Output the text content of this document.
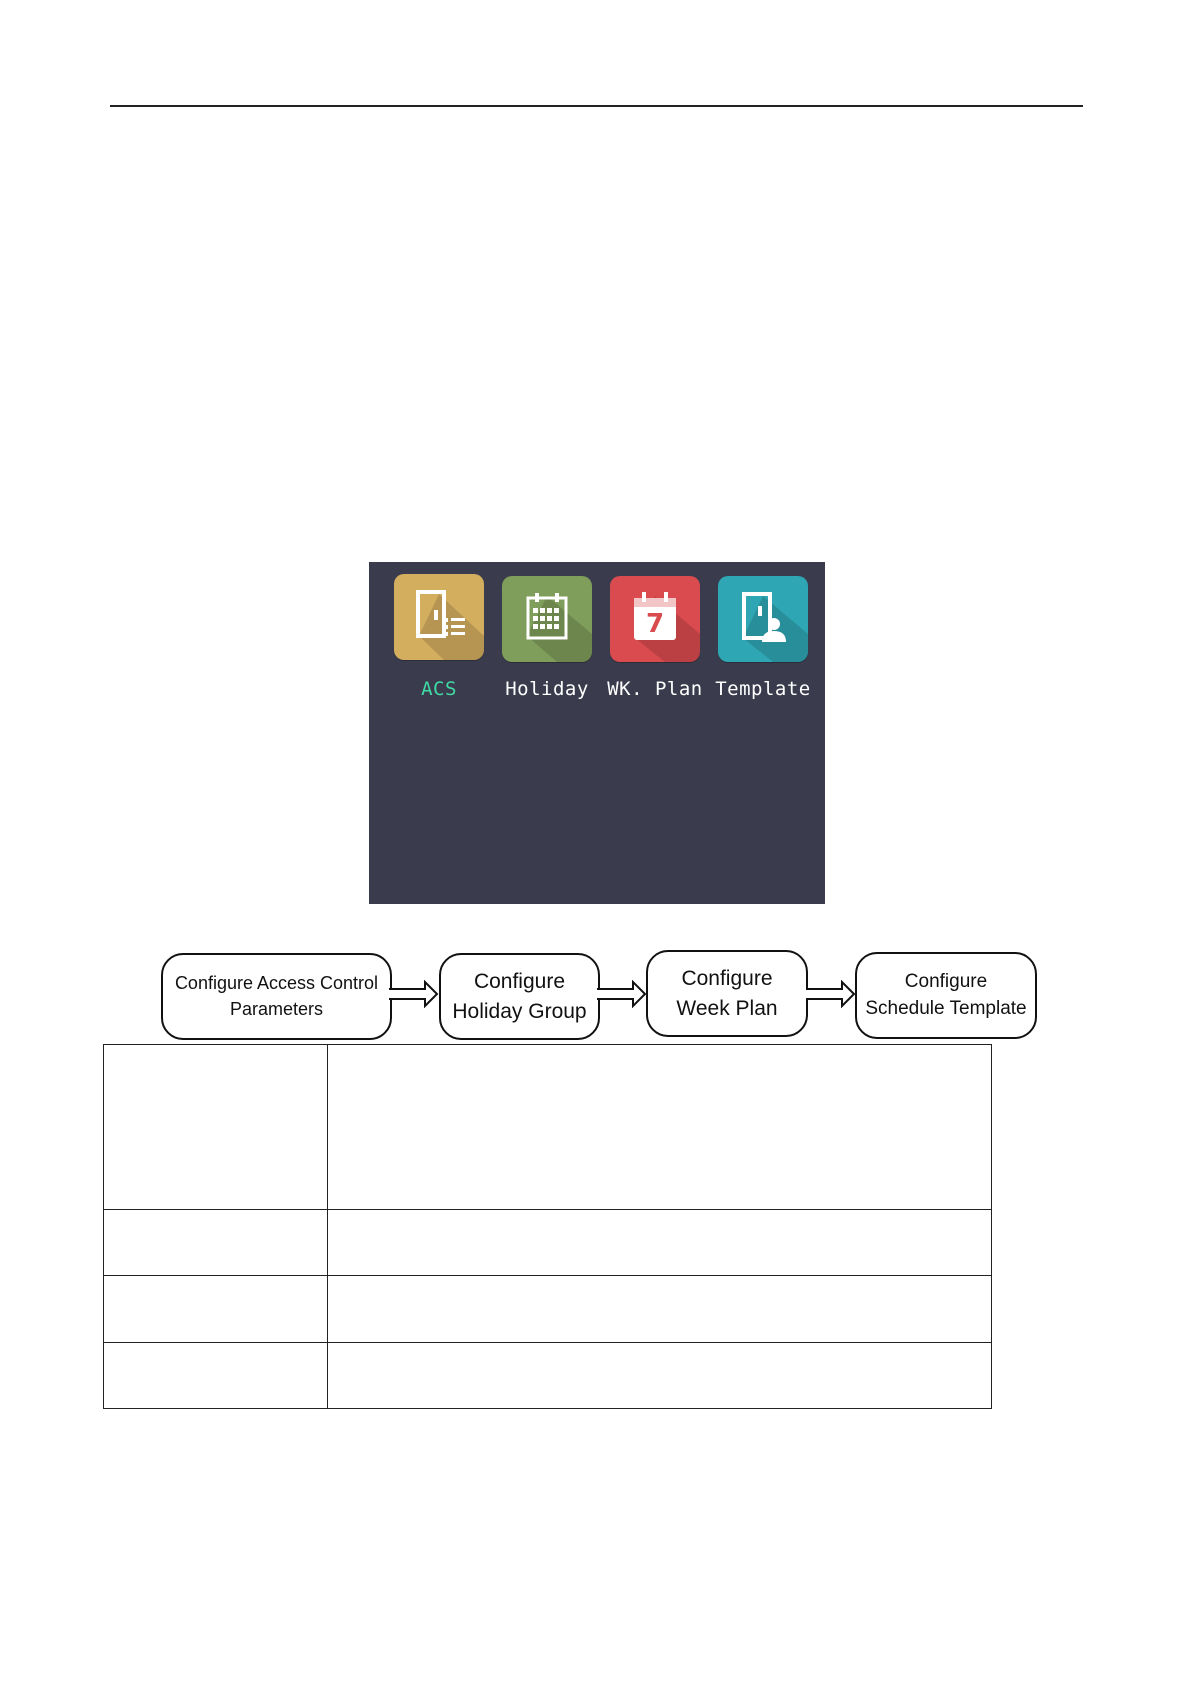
ACS	Holiday
7
WK. Plan Template
Configure Access Control
Parameters
Configure
Holiday Group
Configure
Week Plan
Configure
Schedule Template
